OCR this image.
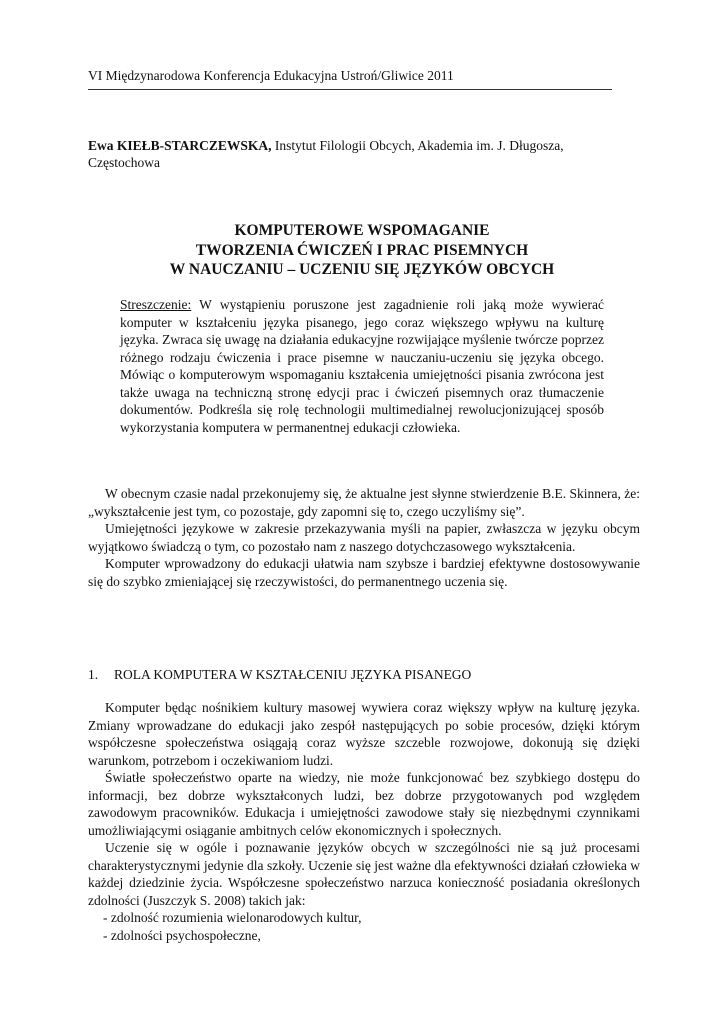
VI Międzynarodowa Konferencja Edukacyjna Ustroń/Gliwice 2011
Ewa KIEŁB-STARCZEWSKA, Instytut Filologii Obcych, Akademia im. J. Długosza, Częstochowa
KOMPUTEROWE WSPOMAGANIE
TWORZENIA ĆWICZEŃ I PRAC PISEMNYCH
W NAUCZANIU – UCZENIU SIĘ JĘZYKÓW OBCYCH
Streszczenie: W wystąpieniu poruszone jest zagadnienie roli jaką może wywierać komputer w kształceniu języka pisanego, jego coraz większego wpływu na kulturę języka. Zwraca się uwagę na działania edukacyjne rozwijające myślenie twórcze poprzez różnego rodzaju ćwiczenia i prace pisemne w nauczaniu-uczeniu się języka obcego. Mówiąc o komputerowym wspomaganiu kształcenia umiejętności pisania zwrócona jest także uwaga na techniczną stronę edycji prac i ćwiczeń pisemnych oraz tłumaczenie dokumentów. Podkreśla się rolę technologii multimedialnej rewolucjonizującej sposób wykorzystania komputera w permanentnej edukacji człowieka.

W obecnym czasie nadal przekonujemy się, że aktualne jest słynne stwierdzenie B.E. Skinnera, że: „wykształcenie jest tym, co pozostaje, gdy zapomni się to, czego uczyliśmy się”.

Umiejętności językowe w zakresie przekazywania myśli na papier, zwłaszcza w języku obcym wyjątkowo świadczą o tym, co pozostało nam z naszego dotychczasowego wykształcenia.

Komputer wprowadzony do edukacji ułatwia nam szybsze i bardziej efektywne dostosowywanie się do szybko zmieniającej się rzeczywistości, do permanentnego uczenia się.

1. ROLA KOMPUTERA W KSZTAŁCENIU JĘZYKA PISANEGO

Komputer będąc nośnikiem kultury masowej wywiera coraz większy wpływ na kulturę języka. Zmiany wprowadzane do edukacji jako zespół następujących po sobie procesów, dzięki którym współczesne społeczeństwa osiągają coraz wyższe szczeble rozwojowe, dokonują się dzięki warunkom, potrzebom i oczekiwaniom ludzi.

Światłe społeczeństwo oparte na wiedzy, nie może funkcjonować bez szybkiego dostępu do informacji, bez dobrze wykształconych ludzi, bez dobrze przygotowanych pod względem zawodowym pracowników. Edukacja i umiejętności zawodowe stały się niezbędnymi czynnikami umożliwiającymi osiąganie ambitnych celów ekonomicznych i społecznych.

Uczenie się w ogóle i poznawanie języków obcych w szczególności nie są już procesami charakterystycznymi jedynie dla szkoły. Uczenie się jest ważne dla efektywności działań człowieka w każdej dziedzinie życia. Współczesne społeczeństwo narzuca konieczność posiadania określonych zdolności (Juszczyk S. 2008) takich jak:

- zdolność rozumienia wielonarodowych kultur,

- zdolności psychospołeczne,
